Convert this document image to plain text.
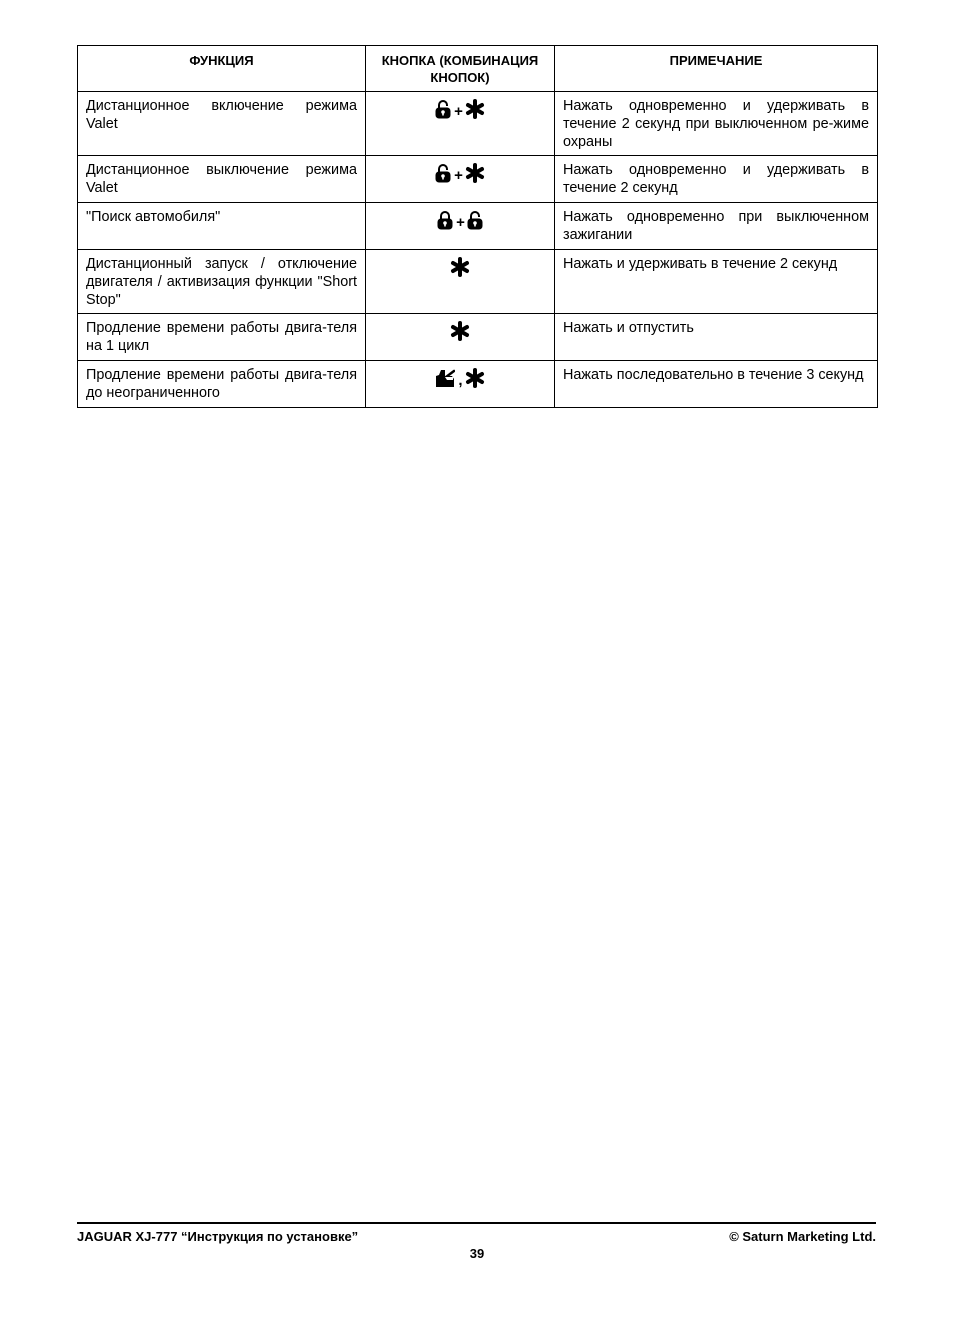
ФУНКЦИЯ	КНОПКА (КОМБИНАЦИЯ КНОПОК)	ПРИМЕЧАНИЕ
Дистанционное включение режима Valet	+	Нажать одновременно и удерживать в течение 2 секунд при выключенном ре-жиме охраны
Дистанционное выключение режима Valet	+	Нажать одновременно и удерживать в течение 2 секунд
"Поиск автомобиля"	+	Нажать одновременно при выключенном зажигании
Дистанционный запуск / отключение двигателя / активизация функции "Short Stop"		Нажать и удерживать в течение 2 секунд
Продление времени работы двига-теля на 1 цикл		Нажать и отпустить
Продление времени работы двига-теля до неограниченного	,	Нажать последовательно в течение 3 секунд
JAGUAR XJ-777 “Инструкция по установке”	© Saturn Marketing Ltd.
39
